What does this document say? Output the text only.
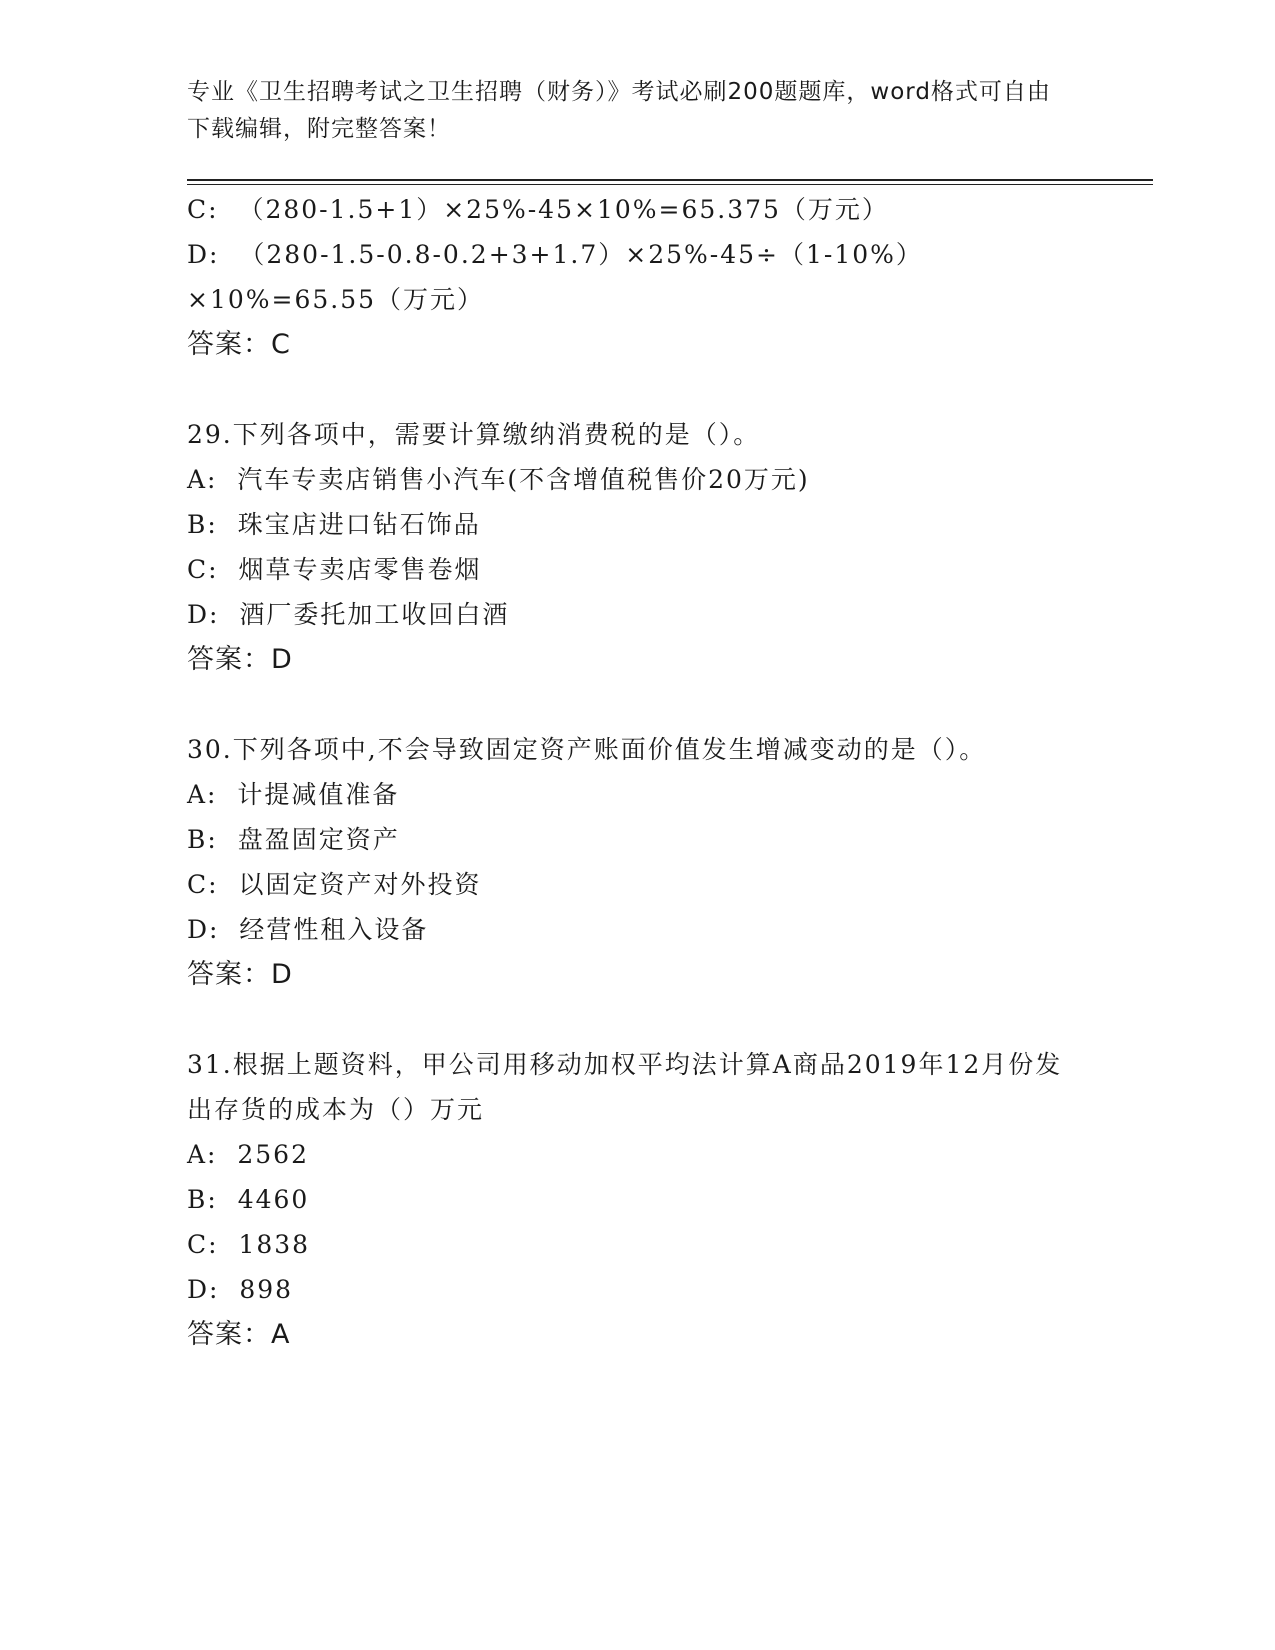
专业《卫生招聘考试之卫生招聘（财务）》考试必刷200题题库，word格式可自由下载编辑，附完整答案！

C:  （280-1.5+1）×25%-45×10%=65.375（万元）

D:  （280-1.5-0.8-0.2+3+1.7）×25%-45÷（1-10%）×10%=65.55（万元）

答案：C

29.下列各项中，需要计算缴纳消费税的是（）。

A:  汽车专卖店销售小汽车(不含增值税售价20万元)

B:  珠宝店进口钻石饰品

C:  烟草专卖店零售卷烟

D:  酒厂委托加工收回白酒

答案：D

30.下列各项中,不会导致固定资产账面价值发生增减变动的是（）。

A:  计提减值准备

B:  盘盈固定资产

C:  以固定资产对外投资

D:  经营性租入设备

答案：D

31.根据上题资料，甲公司用移动加权平均法计算A商品2019年12月份发出存货的成本为（）万元

A:  2562

B:  4460

C:  1838

D:  898

答案：A
